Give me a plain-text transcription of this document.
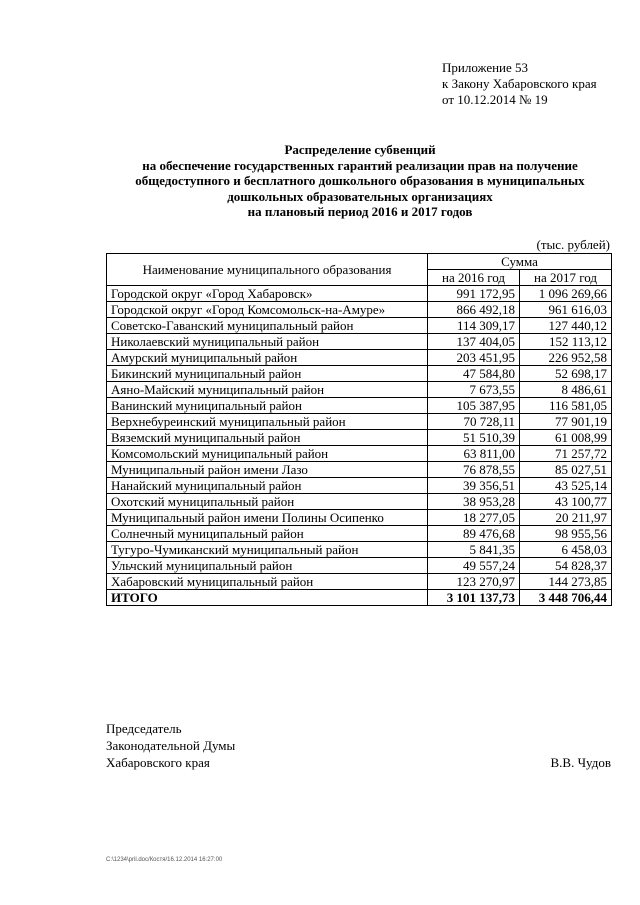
Приложение 53
к Закону Хабаровского края
от 10.12.2014 № 19
Распределение субвенций
на обеспечение государственных гарантий реализации прав на получение
общедоступного и бесплатного дошкольного образования в муниципальных
дошкольных образовательных организациях
на плановый период 2016 и 2017 годов
(тыс. рублей)
Наименование муниципального образования	Сумма	
	на 2016 год	на 2017 год
Городской округ «Город Хабаровск»	991 172,95	1 096 269,66
Городской округ «Город Комсомольск-на-Амуре»	866 492,18	961 616,03
Советско-Гаванский муниципальный район	114 309,17	127 440,12
Николаевский муниципальный район	137 404,05	152 113,12
Амурский муниципальный район	203 451,95	226 952,58
Бикинский муниципальный район	47 584,80	52 698,17
Аяно-Майский муниципальный район	7 673,55	8 486,61
Ванинский муниципальный район	105 387,95	116 581,05
Верхнебуреинский муниципальный район	70 728,11	77 901,19
Вяземский муниципальный район	51 510,39	61 008,99
Комсомольский муниципальный район	63 811,00	71 257,72
Муниципальный район имени Лазо	76 878,55	85 027,51
Нанайский муниципальный район	39 356,51	43 525,14
Охотский муниципальный район	38 953,28	43 100,77
Муниципальный район имени Полины Осипенко	18 277,05	20 211,97
Солнечный муниципальный район	89 476,68	98 955,56
Тугуро-Чумиканский муниципальный район	5 841,35	6 458,03
Ульчский муниципальный район	49 557,24	54 828,37
Хабаровский муниципальный район	123 270,97	144 273,85
ИТОГО	3 101 137,73	3 448 706,44
Председатель
Законодательной Думы
Хабаровского края	В.В. Чудов
C:\1234\pril.doc/Костя/16.12.2014 16:27:00
